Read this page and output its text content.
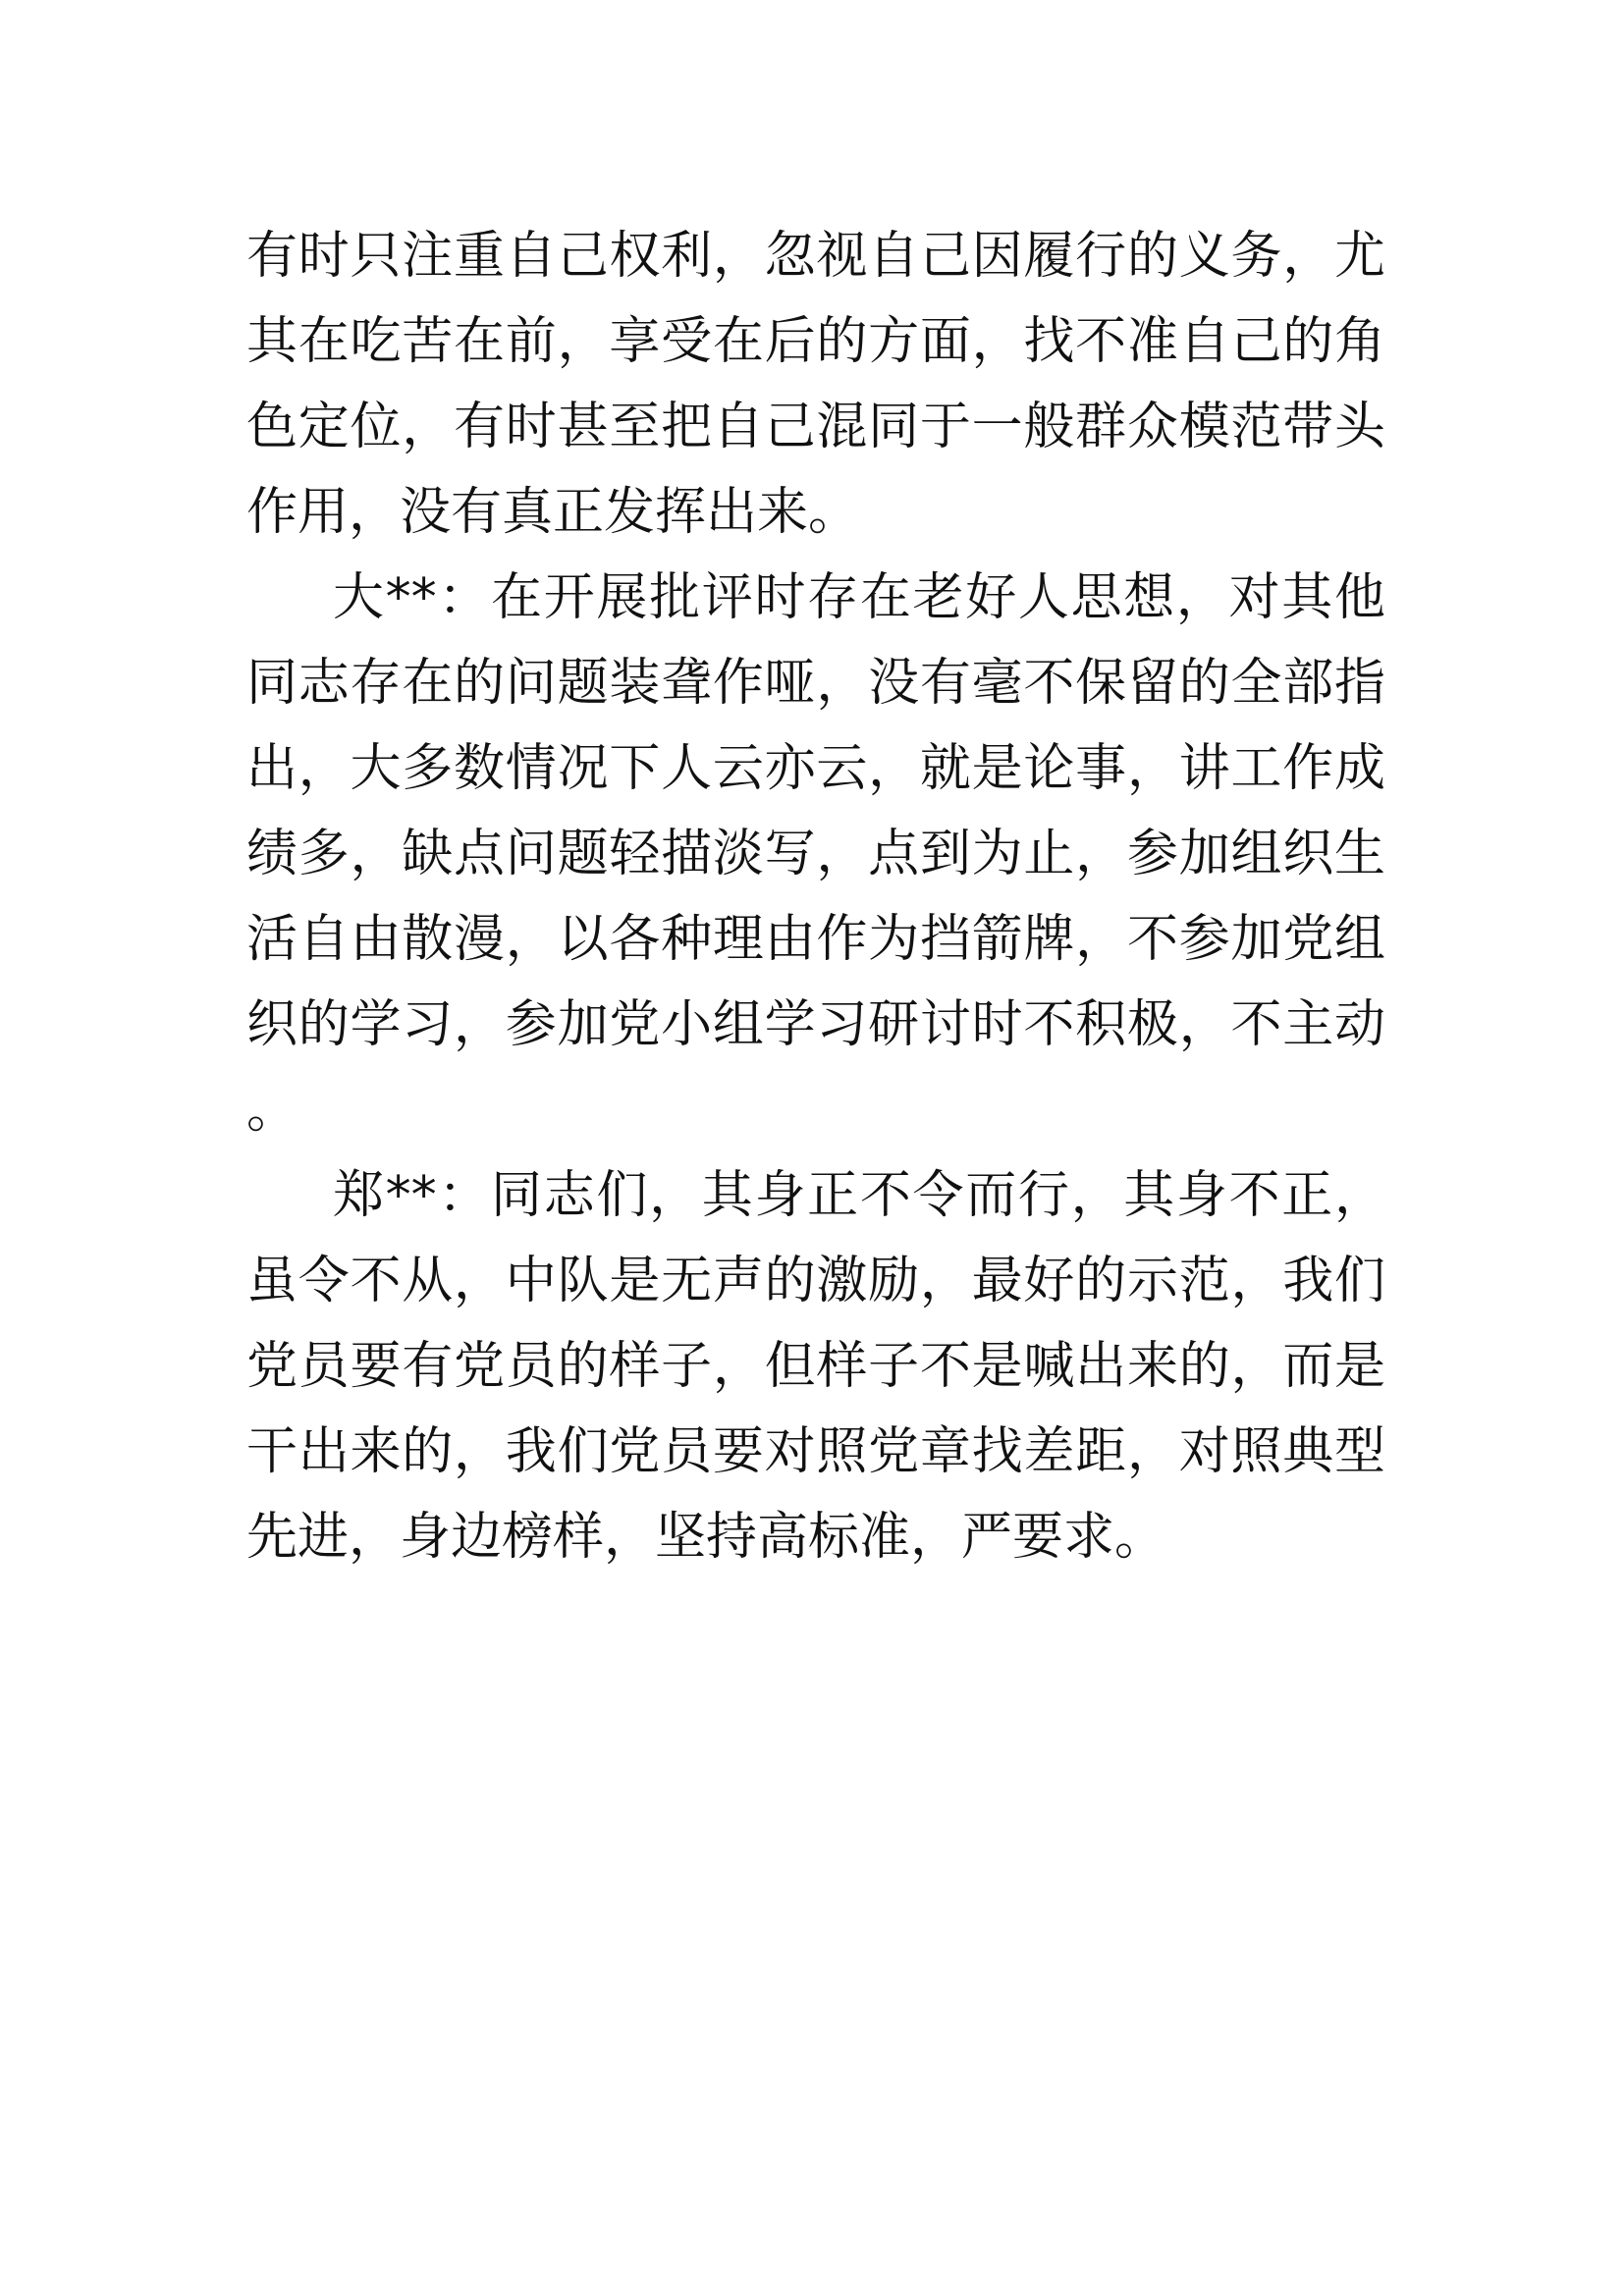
有时只注重自己权利，忽视自己因履行的义务，尤其在吃苦在前，享受在后的方面，找不准自己的角色定位，有时甚至把自己混同于一般群众模范带头作用，没有真正发挥出来。

大**：在开展批评时存在老好人思想，对其他同志存在的问题装聋作哑，没有毫不保留的全部指出，大多数情况下人云亦云，就是论事，讲工作成绩多，缺点问题轻描淡写，点到为止，参加组织生活自由散漫，以各种理由作为挡箭牌，不参加党组织的学习，参加党小组学习研讨时不积极，不主动。

郑**：同志们，其身正不令而行，其身不正，虽令不从，中队是无声的激励，最好的示范，我们党员要有党员的样子，但样子不是喊出来的，而是干出来的，我们党员要对照党章找差距，对照典型先进，身边榜样，坚持高标准，严要求。
